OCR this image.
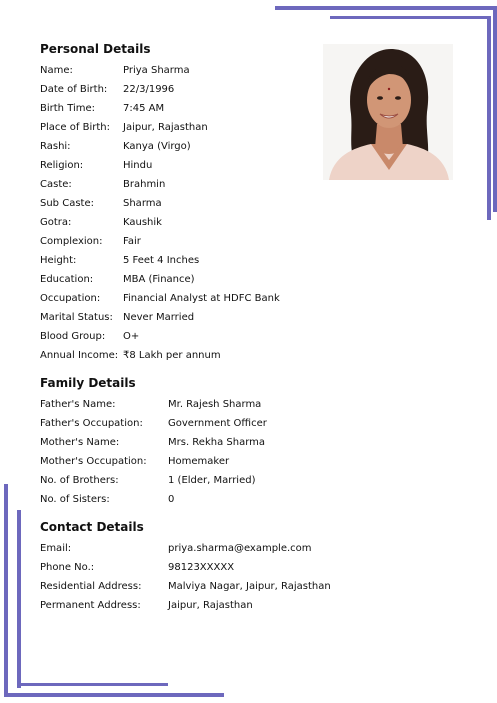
Personal Details
Name:	Priya Sharma
Date of Birth: 22/3/1996
Birth Time:	7:45 AM
Place of Birth: Jaipur, Rajasthan
Rashi:	Kanya (Virgo)
Religion:	Hindu
Caste:	Brahmin
Sub Caste:	Sharma
Gotra:	Kaushik
Complexion: Fair
Height:	5 Feet 4 Inches
Education:	MBA (Finance)
Occupation: Financial Analyst at HDFC Bank
Marital Status: Never Married
Blood Group: O+
Annual Income: ₹8 Lakh per annum
Family Details
Father's Name:	Mr. Rajesh Sharma
Father's Occupation:	Government Officer
Mother's Name:	Mrs. Rekha Sharma
Mother's Occupation: Homemaker
No. of Brothers:	1 (Elder, Married)
No. of Sisters:	0
Contact Details
Email:	priya.sharma@example.com
Phone No.:	98123XXXXX
Residential Address:	Malviya Nagar, Jaipur, Rajasthan
Permanent Address:	Jaipur, Rajasthan
